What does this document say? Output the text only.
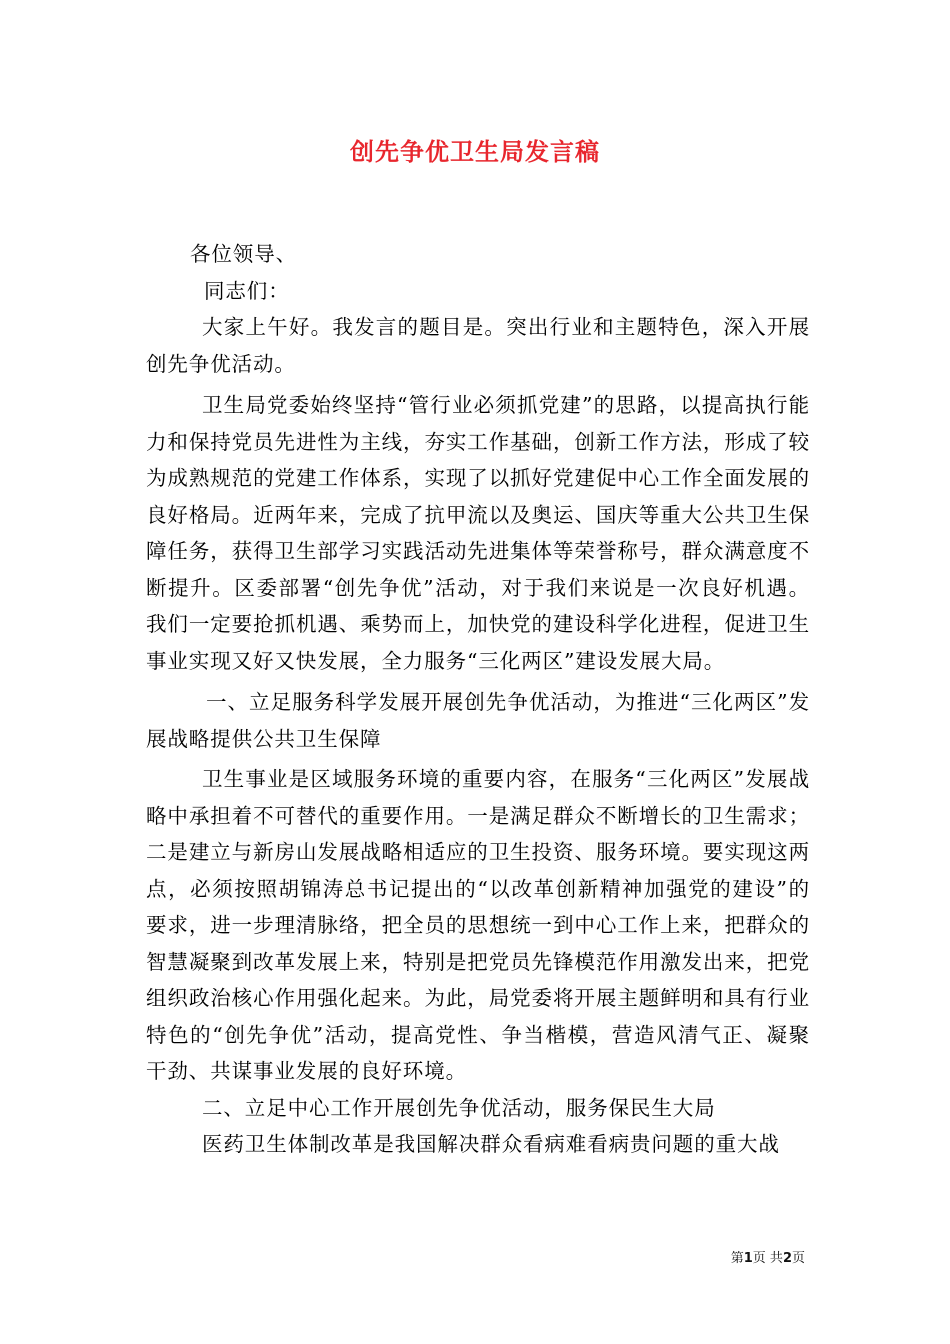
创先争优卫生局发言稿

各位领导、

同志们：

大家上午好。我发言的题目是。突出行业和主题特色，深入开展创先争优活动。

卫生局党委始终坚持“管行业必须抓党建”的思路，以提高执行能力和保持党员先进性为主线，夯实工作基础，创新工作方法，形成了较为成熟规范的党建工作体系，实现了以抓好党建促中心工作全面发展的良好格局。近两年来，完成了抗甲流以及奥运、国庆等重大公共卫生保障任务，获得卫生部学习实践活动先进集体等荣誉称号，群众满意度不断提升。区委部署“创先争优”活动，对于我们来说是一次良好机遇。我们一定要抢抓机遇、乘势而上，加快党的建设科学化进程，促进卫生事业实现又好又快发展，全力服务“三化两区”建设发展大局。

一、立足服务科学发展开展创先争优活动，为推进“三化两区”发展战略提供公共卫生保障

卫生事业是区域服务环境的重要内容，在服务“三化两区”发展战略中承担着不可替代的重要作用。一是满足群众不断增长的卫生需求；二是建立与新房山发展战略相适应的卫生投资、服务环境。要实现这两点，必须按照胡锦涛总书记提出的“以改革创新精神加强党的建设”的要求，进一步理清脉络，把全员的思想统一到中心工作上来，把群众的智慧凝聚到改革发展上来，特别是把党员先锋模范作用激发出来，把党组织政治核心作用强化起来。为此，局党委将开展主题鲜明和具有行业特色的“创先争优”活动，提高党性、争当楷模，营造风清气正、凝聚干劲、共谋事业发展的良好环境。

二、立足中心工作开展创先争优活动，服务保民生大局

医药卫生体制改革是我国解决群众看病难看病贵问题的重大战

第1页 共2页
